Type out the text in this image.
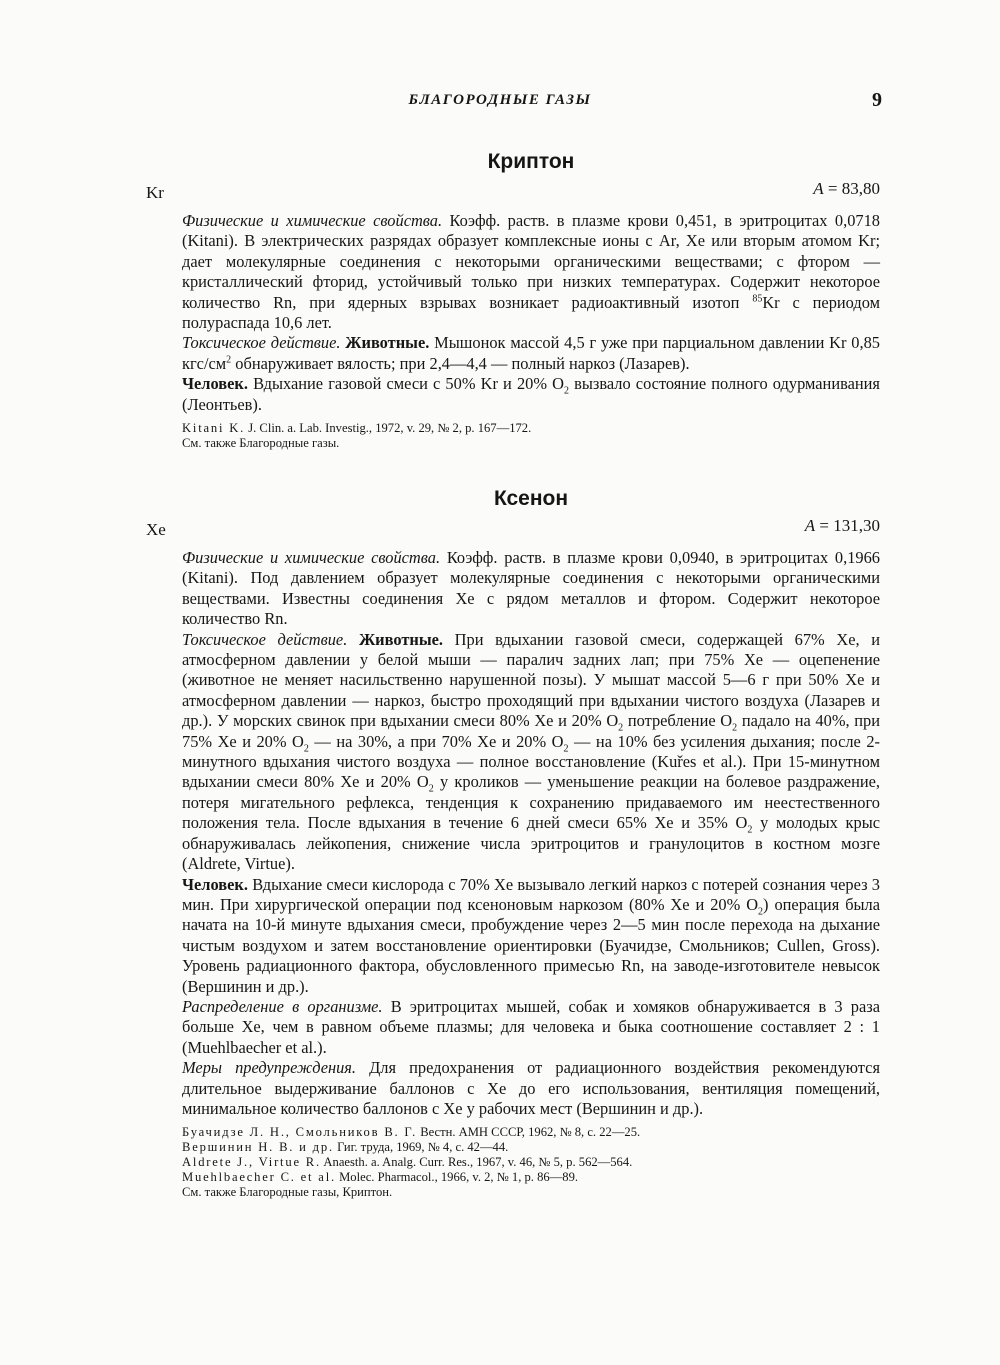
БЛАГОРОДНЫЕ ГАЗЫ	9
Криптон
Kr	A = 83,80

Физические и химические свойства. Коэфф. раств. в плазме крови 0,451, в эритроцитах 0,0718 (Kitani). В электрических разрядах образует комплексные ионы с Ar, Xe или вторым атомом Kr; дает молекулярные соединения с некоторыми органическими веществами; с фтором — кристаллический фторид, устойчивый только при низких температурах. Содержит некоторое количество Rn, при ядерных взрывах возникает радиоактивный изотоп $^{85}$Kr с периодом полураспада 10,6 лет.

Токсическое действие. Животные. Мышонок массой 4,5 г уже при парциальном давлении Kr 0,85 кгс/$см^2$ обнаруживает вялость; при 2,4—4,4 — полный наркоз (Лазарев).

Человек. Вдыхание газовой смеси с 50% Kr и 20% $O_2$ вызвало состояние полного одурманивания (Леонтьев).

Kitani K. J. Clin. a. Lab. Investig., 1972, v. 29, № 2, p. 167—172.
См. также Благородные газы.
Ксенон
Xe	A = 131,30

Физические и химические свойства. Коэфф. раств. в плазме крови 0,0940, в эритроцитах 0,1966 (Kitani). Под давлением образует молекулярные соединения с некоторыми органическими веществами. Известны соединения Xe с рядом металлов и фтором. Содержит некоторое количество Rn.

Токсическое действие. Животные. При вдыхании газовой смеси, содержащей 67% Xe, и атмосферном давлении у белой мыши — паралич задних лап; при 75% Xe — оцепенение (животное не меняет насильственно нарушенной позы). У мышат массой 5—6 г при 50% Xe и атмосферном давлении — наркоз, быстро проходящий при вдыхании чистого воздуха (Лазарев и др.). У морских свинок при вдыхании смеси 80% Xe и 20% $O_2$ потребление $O_2$ падало на 40%, при 75% Xe и 20% $O_2$ — на 30%, а при 70% Xe и 20% $O_2$ — на 10% без усиления дыхания; после 2-минутного вдыхания чистого воздуха — полное восстановление (Kuřes et al.). При 15-минутном вдыхании смеси 80% Xe и 20% $O_2$ у кроликов — уменьшение реакции на болевое раздражение, потеря мигательного рефлекса, тенденция к сохранению придаваемого им неестественного положения тела. После вдыхания в течение 6 дней смеси 65% Xe и 35% $O_2$ у молодых крыс обнаруживалась лейкопения, снижение числа эритроцитов и гранулоцитов в костном мозге (Aldrete, Virtue).

Человек. Вдыхание смеси кислорода с 70% Xe вызывало легкий наркоз с потерей сознания через 3 мин. При хирургической операции под ксеноновым наркозом (80% Xe и 20% $O_2$) операция была начата на 10-й минуте вдыхания смеси, пробуждение через 2—5 мин после перехода на дыхание чистым воздухом и затем восстановление ориентировки (Буачидзе, Смольников; Cullen, Gross). Уровень радиационного фактора, обусловленного примесью Rn, на заводе-изготовителе невысок (Вершинин и др.).

Распределение в организме. В эритроцитах мышей, собак и хомяков обнаруживается в 3 раза больше Xe, чем в равном объеме плазмы; для человека и быка соотношение составляет 2 : 1 (Muehlbaecher et al.).

Меры предупреждения. Для предохранения от радиационного воздействия рекомендуются длительное выдерживание баллонов с Xe до его использования, вентиляция помещений, минимальное количество баллонов с Xe у рабочих мест (Вершинин и др.).

Буачидзе Л. Н., Смольников В. Г. Вестн. АМН СССР, 1962, № 8, с. 22—25.
Вершинин Н. В. и др. Гиг. труда, 1969, № 4, с. 42—44.
Aldrete J., Virtue R. Anaesth. a. Analg. Curr. Res., 1967, v. 46, № 5, p. 562—564.
Muehlbaecher C. et al. Molec. Pharmacol., 1966, v. 2, № 1, p. 86—89.
См. также Благородные газы, Криптон.
